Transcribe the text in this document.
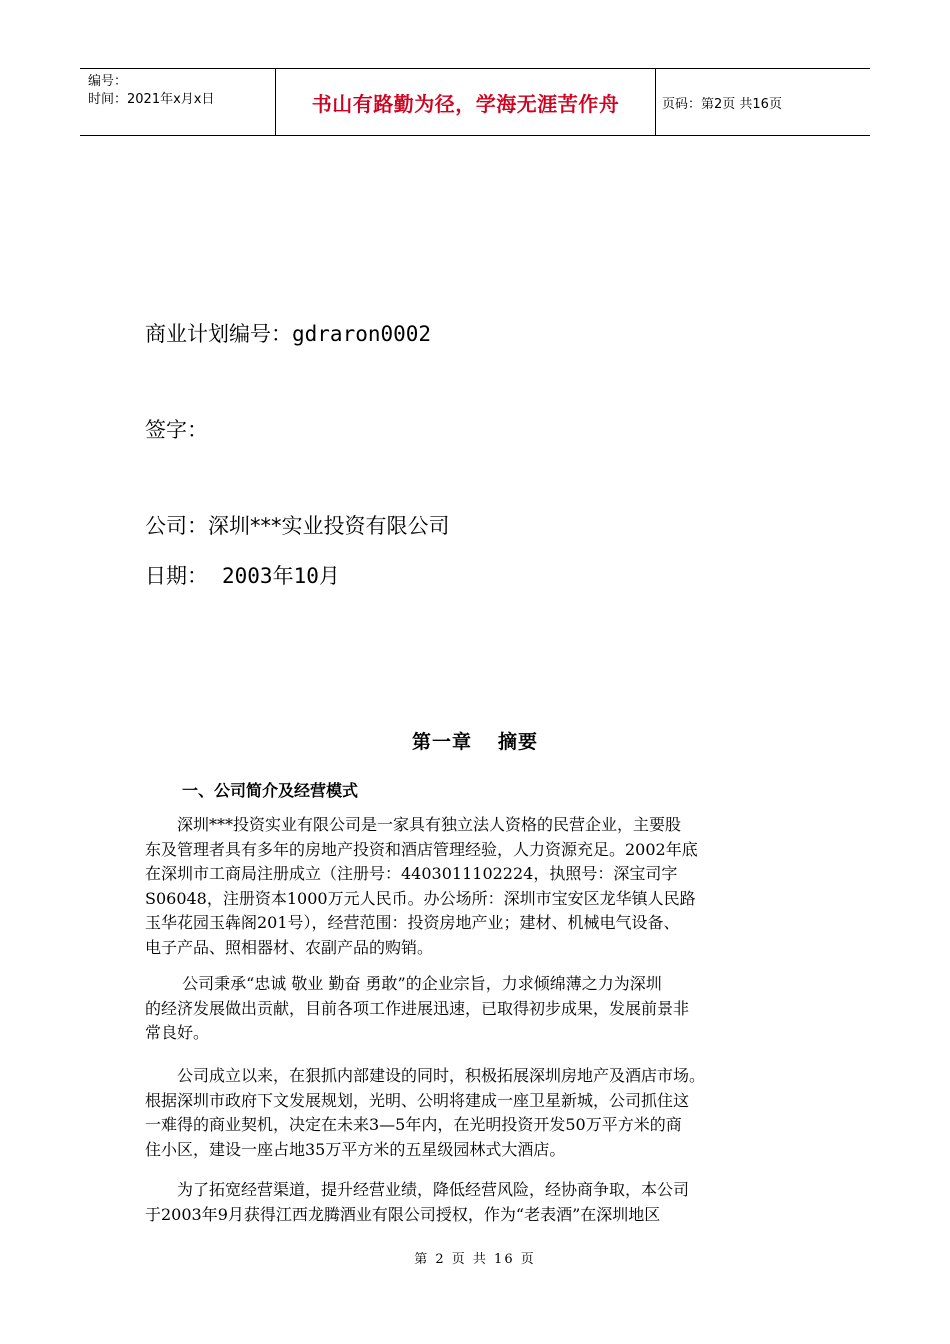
编号：
时间：2021年x月x日	书山有路勤为径，学海无涯苦作舟	页码：第2页 共16页
商业计划编号：gdraron0002
签字：
公司：深圳***实业投资有限公司
日期： 2003年10月
第一章 摘要
一、公司简介及经营模式
　　深圳***投资实业有限公司是一家具有独立法人资格的民营企业，主要股
东及管理者具有多年的房地产投资和酒店管理经验，人力资源充足。2002年底
在深圳市工商局注册成立（注册号：4403011102224，执照号：深宝司字
S06048，注册资本1000万元人民币。办公场所：深圳市宝安区龙华镇人民路
玉华花园玉犇阁201号），经营范围：投资房地产业；建材、机械电气设备、
电子产品、照相器材、农副产品的购销。
　　 公司秉承“忠诚 敬业 勤奋 勇敢”的企业宗旨，力求倾绵薄之力为深圳
的经济发展做出贡献，目前各项工作进展迅速，已取得初步成果，发展前景非
常良好。
　　公司成立以来，在狠抓内部建设的同时，积极拓展深圳房地产及酒店市场。
根据深圳市政府下文发展规划，光明、公明将建成一座卫星新城，公司抓住这
一难得的商业契机，决定在未来3—5年内，在光明投资开发50万平方米的商
住小区，建设一座占地35万平方米的五星级园林式大酒店。
　　为了拓宽经营渠道，提升经营业绩，降低经营风险，经协商争取，本公司
于2003年9月获得江西龙腾酒业有限公司授权，作为“老表酒”在深圳地区
第 2 页 共 16 页
